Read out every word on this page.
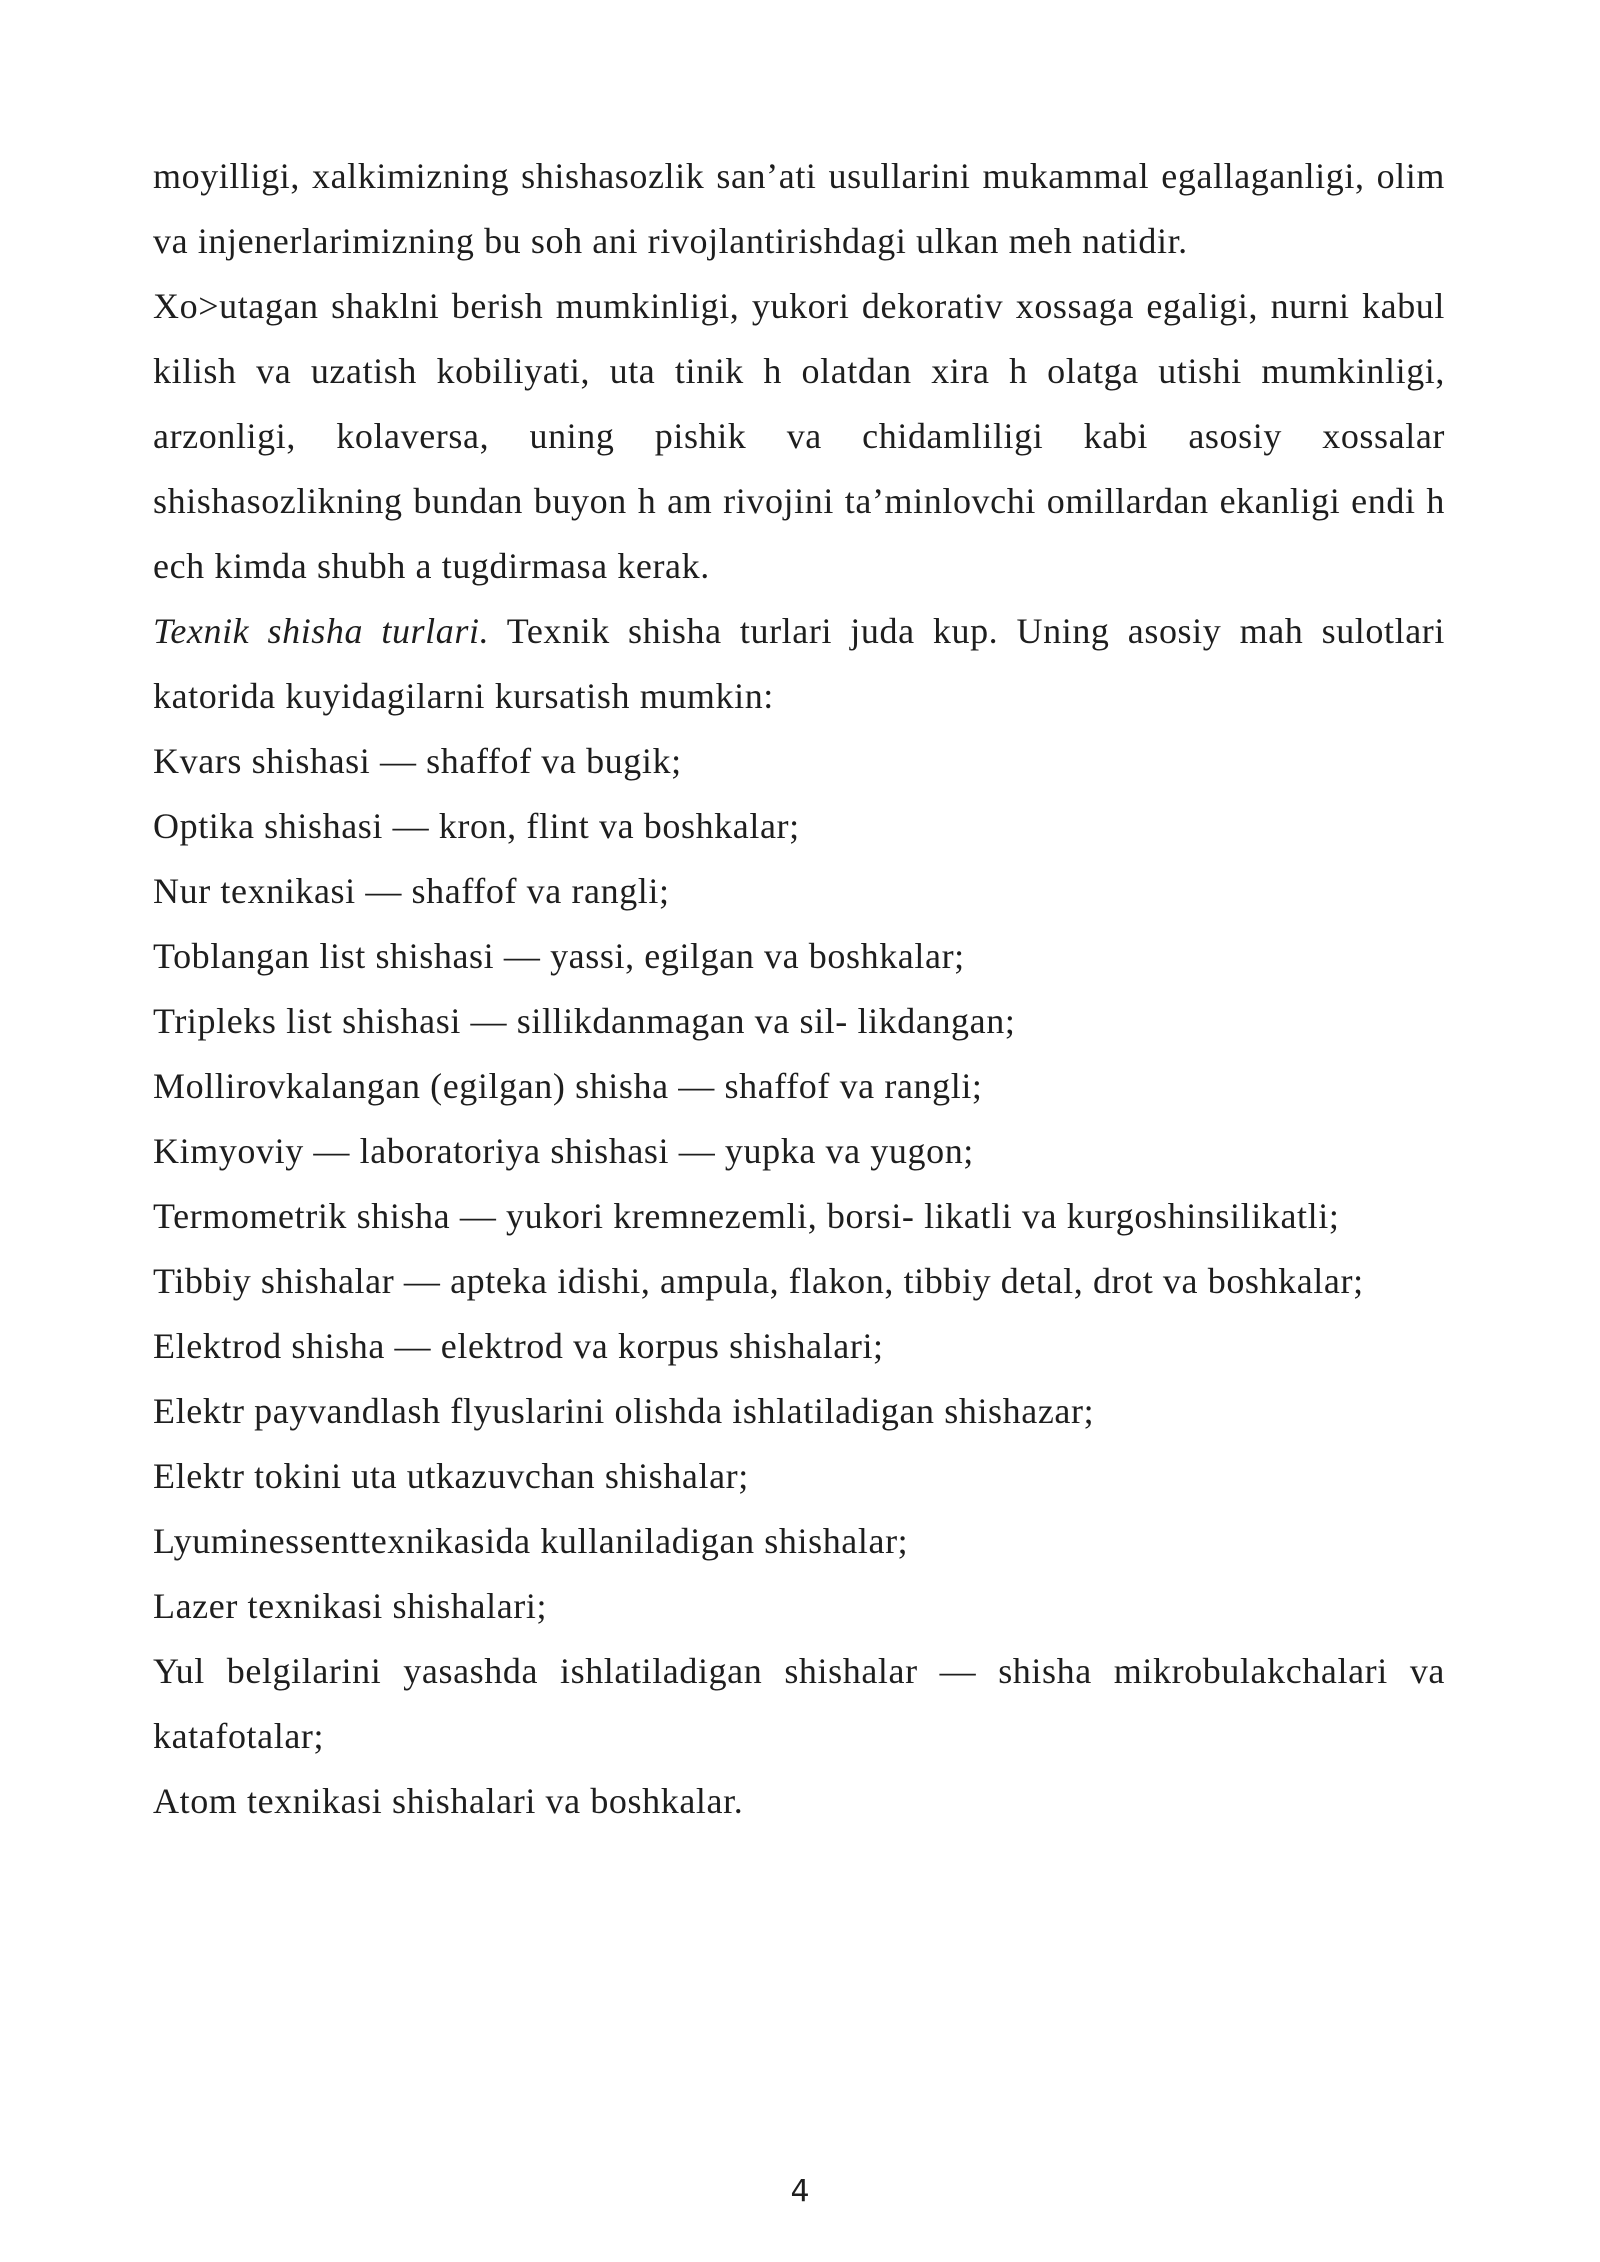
moyilligi, xalkimizning shishasozlik san’ati usullarini mukammal egallaganligi, olim va injenerlarimizning bu soh ani rivojlantirishdagi ulkan meh natidir.

Xo>utagan shaklni berish mumkinligi, yukori dekorativ xossaga egaligi, nurni kabul kilish va uzatish kobiliyati, uta tinik h olatdan xira h olatga utishi mumkinligi, arzonligi, kolaversa, uning pishik va chidamliligi kabi asosiy xossalar shishasozlikning bundan buyon h am rivojini ta’minlovchi omillardan ekanligi endi h ech kimda shubh a tugdirmasa kerak.

Texnik shisha turlari. Texnik shisha turlari juda kup. Uning asosiy mah sulotlari katorida kuyidagilarni kursatish mumkin:

Kvars shishasi — shaffof va bugik;

Optika shishasi — kron, flint va boshkalar;

Nur texnikasi — shaffof va rangli;

Toblangan list shishasi — yassi, egilgan va boshkalar;

Tripleks list shishasi — sillikdanmagan va sil- likdangan;

Mollirovkalangan (egilgan) shisha — shaffof va rangli;

Kimyoviy — laboratoriya shishasi — yupka va yugon;

Termometrik shisha — yukori kremnezemli, borsi- likatli va kurgoshinsilikatli;

Tibbiy shishalar — apteka idishi, ampula, flakon, tibbiy detal, drot va boshkalar;

Elektrod shisha — elektrod va korpus shishalari;

Elektr payvandlash flyuslarini olishda ishlatiladigan shishazar;

Elektr tokini uta utkazuvchan shishalar;

Lyuminessenttexnikasida kullaniladigan shishalar;

Lazer texnikasi shishalari;

Yul belgilarini yasashda ishlatiladigan shishalar — shisha mikrobulakchalari va katafotalar;

Atom texnikasi shishalari va boshkalar.

4
